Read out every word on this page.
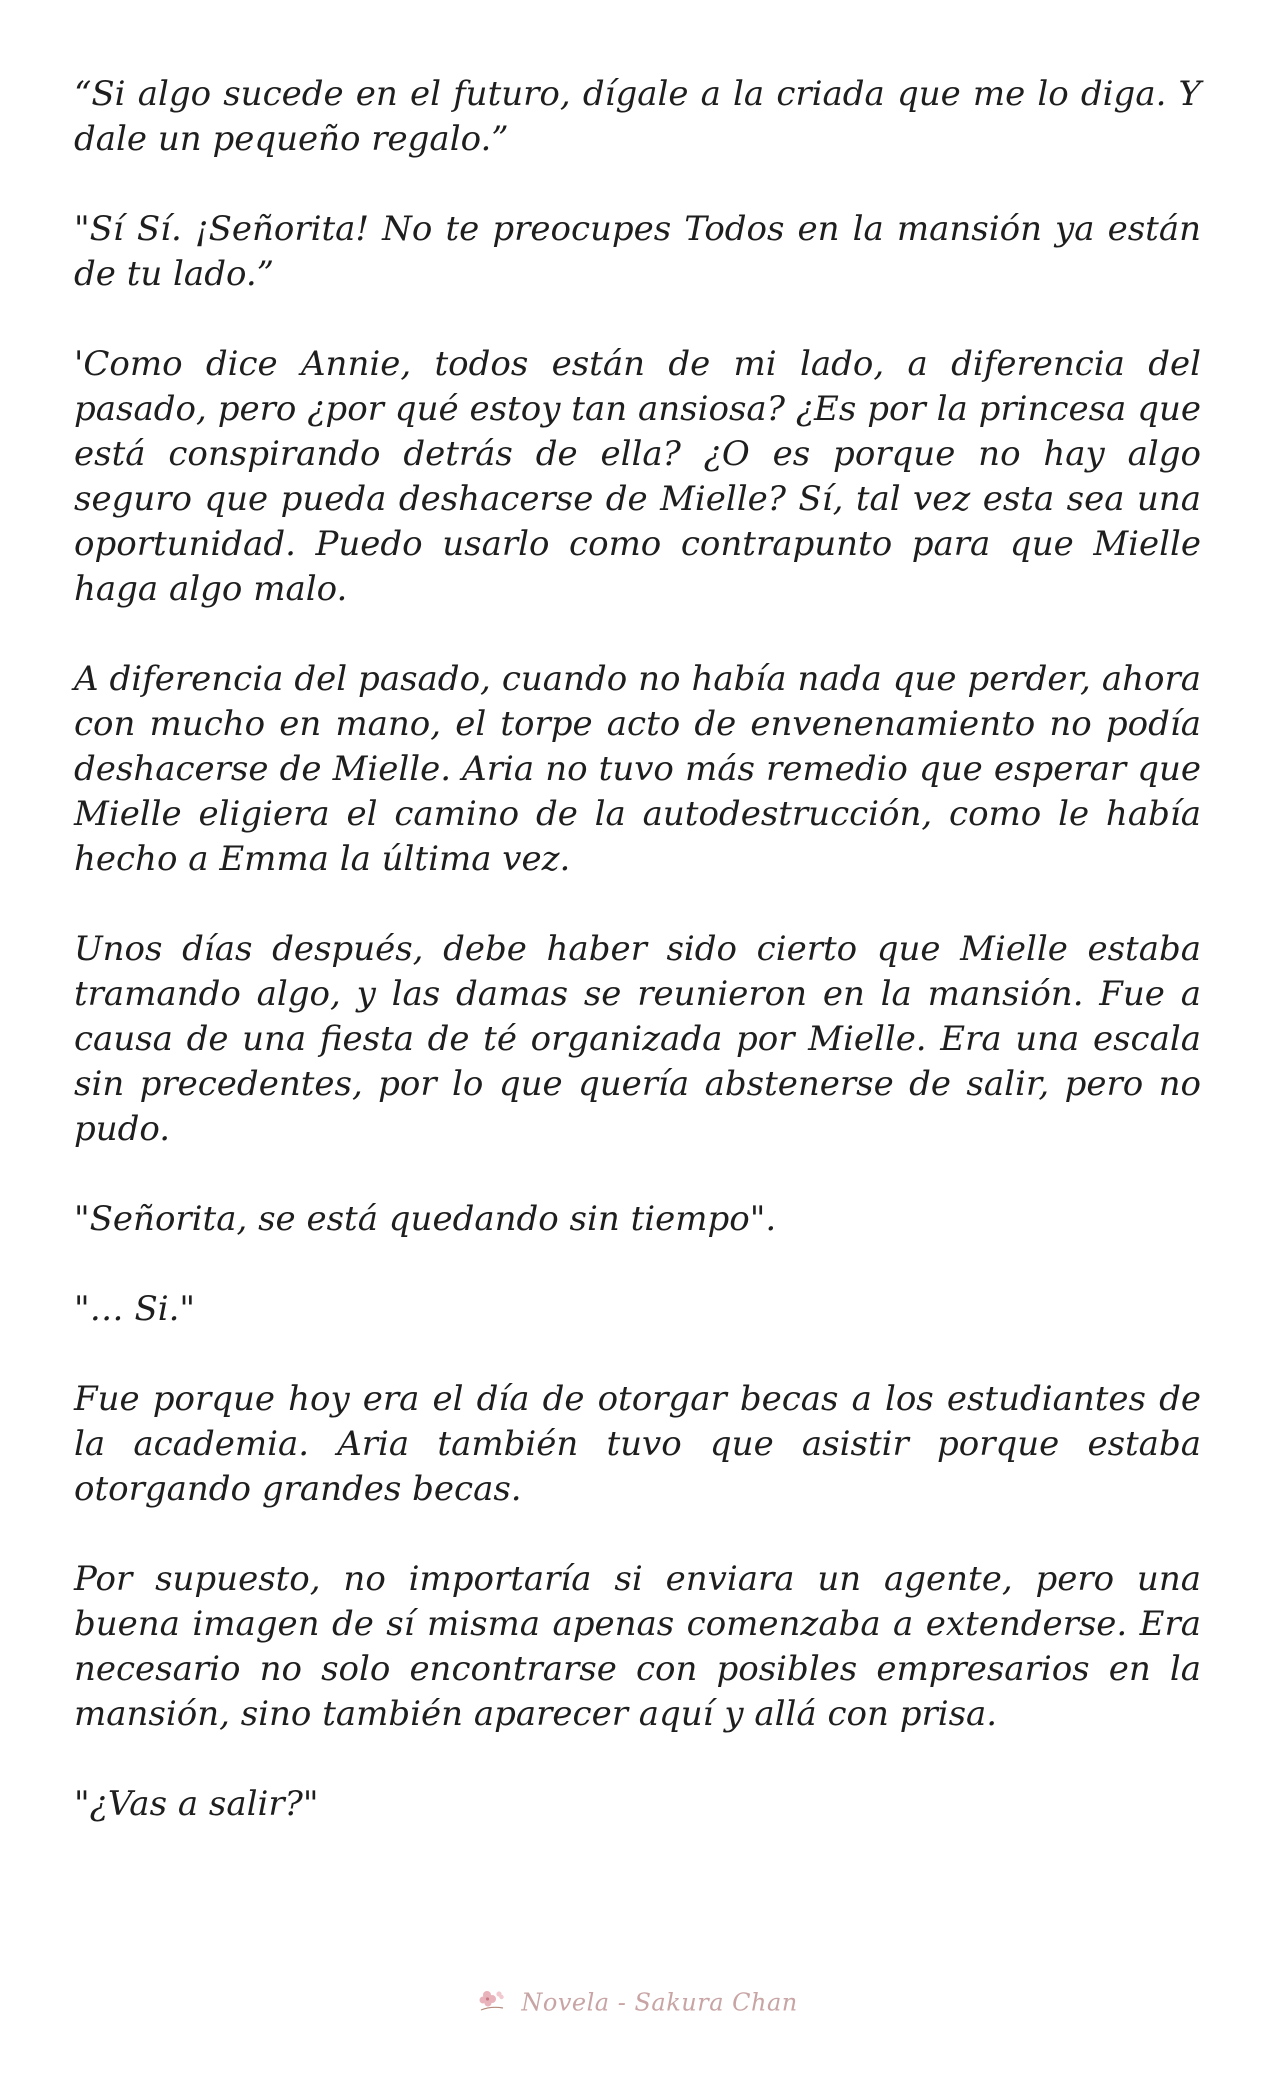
“Si algo sucede en el futuro, dígale a la criada que me lo diga. Y dale un pequeño regalo.”

"Sí Sí. ¡Señorita! No te preocupes Todos en la mansión ya están de tu lado.”

'Como dice Annie, todos están de mi lado, a diferencia del pasado, pero ¿por qué estoy tan ansiosa? ¿Es por la princesa que está conspirando detrás de ella? ¿O es porque no hay algo seguro que pueda deshacerse de Mielle? Sí, tal vez esta sea una oportunidad. Puedo usarlo como contrapunto para que Mielle haga algo malo.

A diferencia del pasado, cuando no había nada que perder, ahora con mucho en mano, el torpe acto de envenenamiento no podía deshacerse de Mielle. Aria no tuvo más remedio que esperar que Mielle eligiera el camino de la autodestrucción, como le había hecho a Emma la última vez.

Unos días después, debe haber sido cierto que Mielle estaba tramando algo, y las damas se reunieron en la mansión. Fue a causa de una fiesta de té organizada por Mielle. Era una escala sin precedentes, por lo que quería abstenerse de salir, pero no pudo.

"Señorita, se está quedando sin tiempo".

"… Si."

Fue porque hoy era el día de otorgar becas a los estudiantes de la academia. Aria también tuvo que asistir porque estaba otorgando grandes becas.

Por supuesto, no importaría si enviara un agente, pero una buena imagen de sí misma apenas comenzaba a extenderse. Era necesario no solo encontrarse con posibles empresarios en la mansión, sino también aparecer aquí y allá con prisa.

"¿Vas a salir?"

Novela - Sakura Chan
